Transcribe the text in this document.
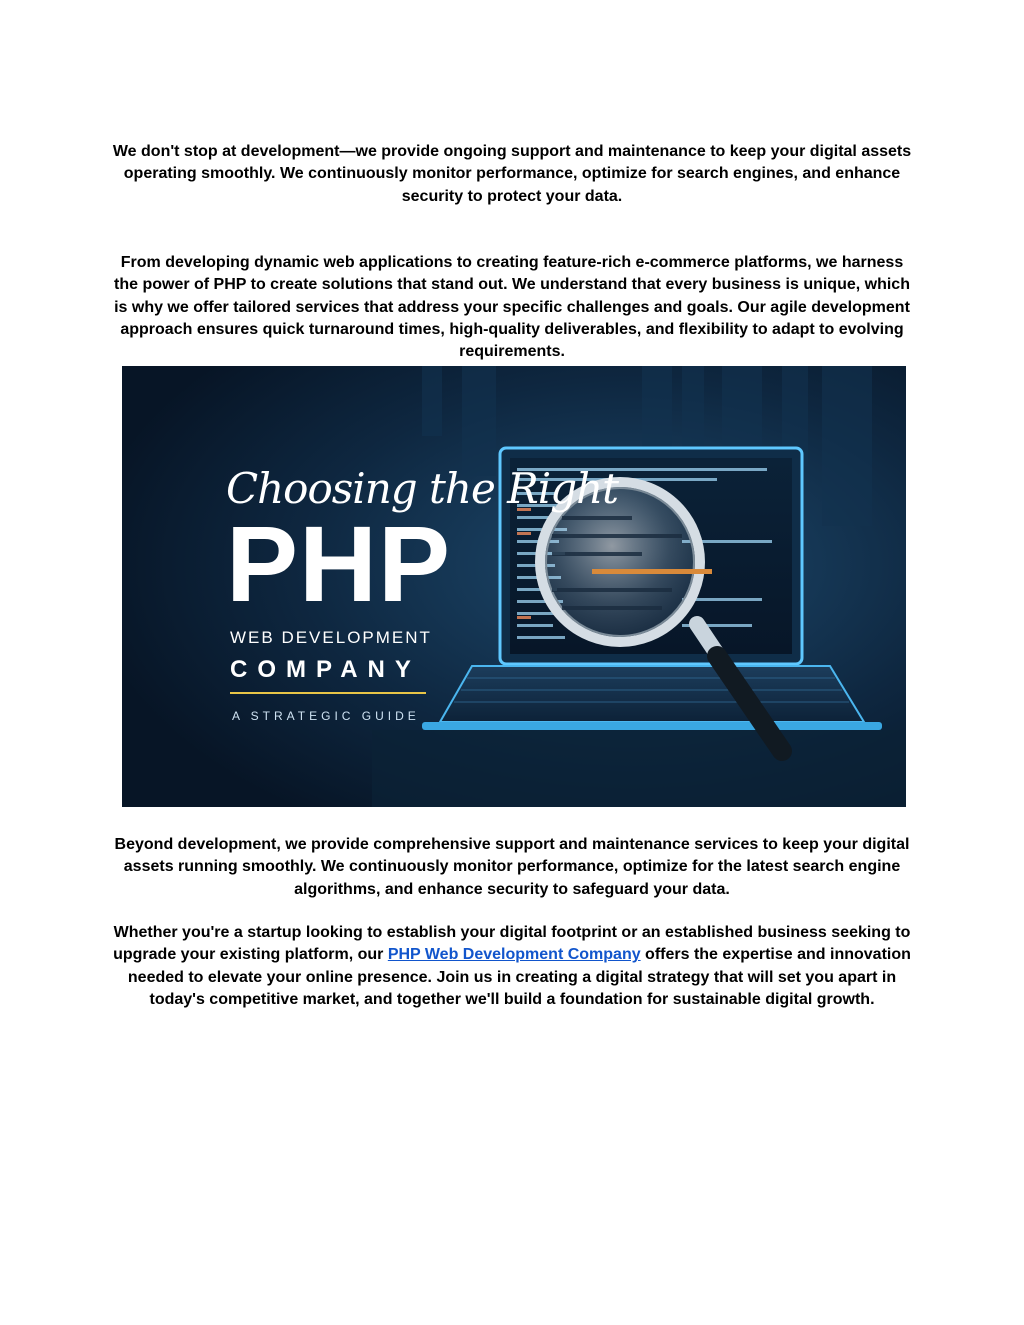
We don't stop at development—we provide ongoing support and maintenance to keep your digital assets operating smoothly. We continuously monitor performance, optimize for search engines, and enhance security to protect your data.

From developing dynamic web applications to creating feature-rich e-commerce platforms, we harness the power of PHP to create solutions that stand out. We understand that every business is unique, which is why we offer tailored services that address your specific challenges and goals. Our agile development approach ensures quick turnaround times, high-quality deliverables, and flexibility to adapt to evolving requirements.

Choosing the Right
PHP
WEB DEVELOPMENT
COMPANY
A STRATEGIC GUIDE

Beyond development, we provide comprehensive support and maintenance services to keep your digital assets running smoothly. We continuously monitor performance, optimize for the latest search engine algorithms, and enhance security to safeguard your data.

Whether you're a startup looking to establish your digital footprint or an established business seeking to upgrade your existing platform, our PHP Web Development Company offers the expertise and innovation needed to elevate your online presence. Join us in creating a digital strategy that will set you apart in today's competitive market, and together we'll build a foundation for sustainable digital growth.
